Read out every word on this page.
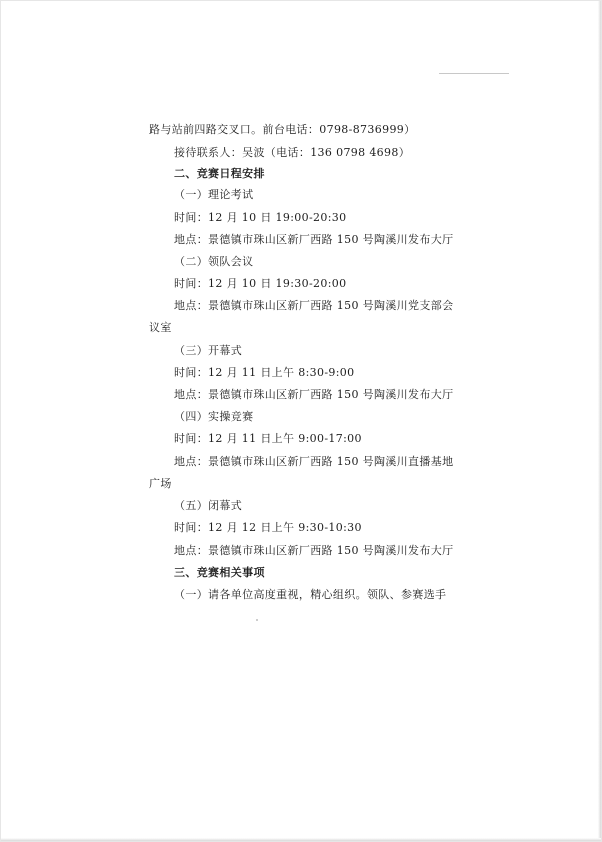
路与站前四路交叉口。前台电话：0798-8736999）
接待联系人：吴波（电话：136 0798 4698）
二、竞赛日程安排
（一）理论考试
时间：12 月 10 日 19:00-20:30
地点：景德镇市珠山区新厂西路 150 号陶溪川发布大厅
（二）领队会议
时间：12 月 10 日 19:30-20:00
地点：景德镇市珠山区新厂西路 150 号陶溪川党支部会
议室
（三）开幕式
时间：12 月 11 日上午 8:30-9:00
地点：景德镇市珠山区新厂西路 150 号陶溪川发布大厅
（四）实操竞赛
时间：12 月 11 日上午 9:00-17:00
地点：景德镇市珠山区新厂西路 150 号陶溪川直播基地
广场
（五）闭幕式
时间：12 月 12 日上午 9:30-10:30
地点：景德镇市珠山区新厂西路 150 号陶溪川发布大厅
三、竞赛相关事项
（一）请各单位高度重视，精心组织。领队、参赛选手
